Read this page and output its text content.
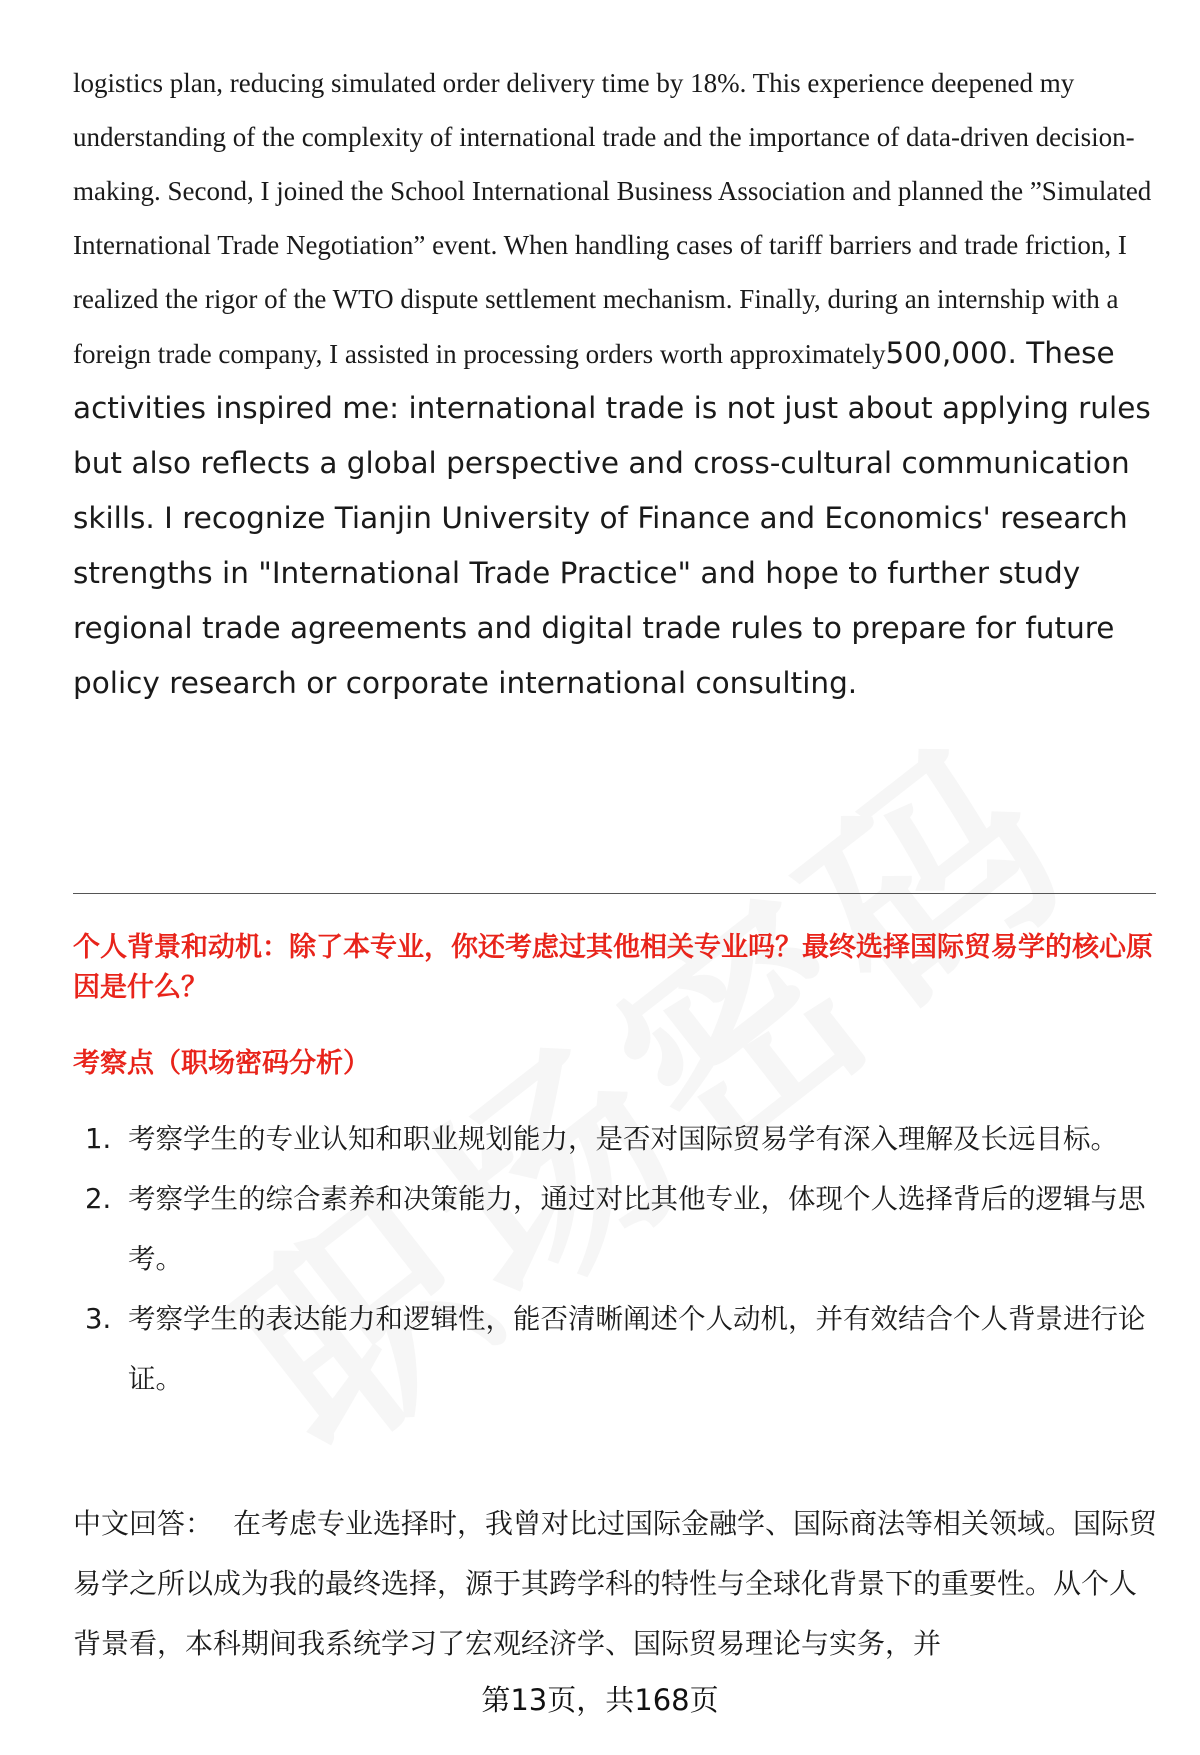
logistics plan, reducing simulated order delivery time by 18%. This experience deepened my understanding of the complexity of international trade and the importance of data-driven decision-making. Second, I joined the School International Business Association and planned the ”Simulated International Trade Negotiation” event. When handling cases of tariff barriers and trade friction, I realized the rigor of the WTO dispute settlement mechanism. Finally, during an internship with a foreign trade company, I assisted in processing orders worth approximately500,000. These activities inspired me: international trade is not just about applying rules but also reflects a global perspective and cross-cultural communication skills. I recognize Tianjin University of Finance and Economics' research strengths in "International Trade Practice" and hope to further study regional trade agreements and digital trade rules to prepare for future policy research or corporate international consulting.
个人背景和动机：除了本专业，你还考虑过其他相关专业吗？最终选择国际贸易学的核心原因是什么？
考察点（职场密码分析）
1. 考察学生的专业认知和职业规划能力，是否对国际贸易学有深入理解及长远目标。
2. 考察学生的综合素养和决策能力，通过对比其他专业，体现个人选择背后的逻辑与思考。
3. 考察学生的表达能力和逻辑性，能否清晰阐述个人动机，并有效结合个人背景进行论证。
中文回答： 在考虑专业选择时，我曾对比过国际金融学、国际商法等相关领域。国际贸易学之所以成为我的最终选择，源于其跨学科的特性与全球化背景下的重要性。从个人背景看，本科期间我系统学习了宏观经济学、国际贸易理论与实务，并
第13页，共168页
